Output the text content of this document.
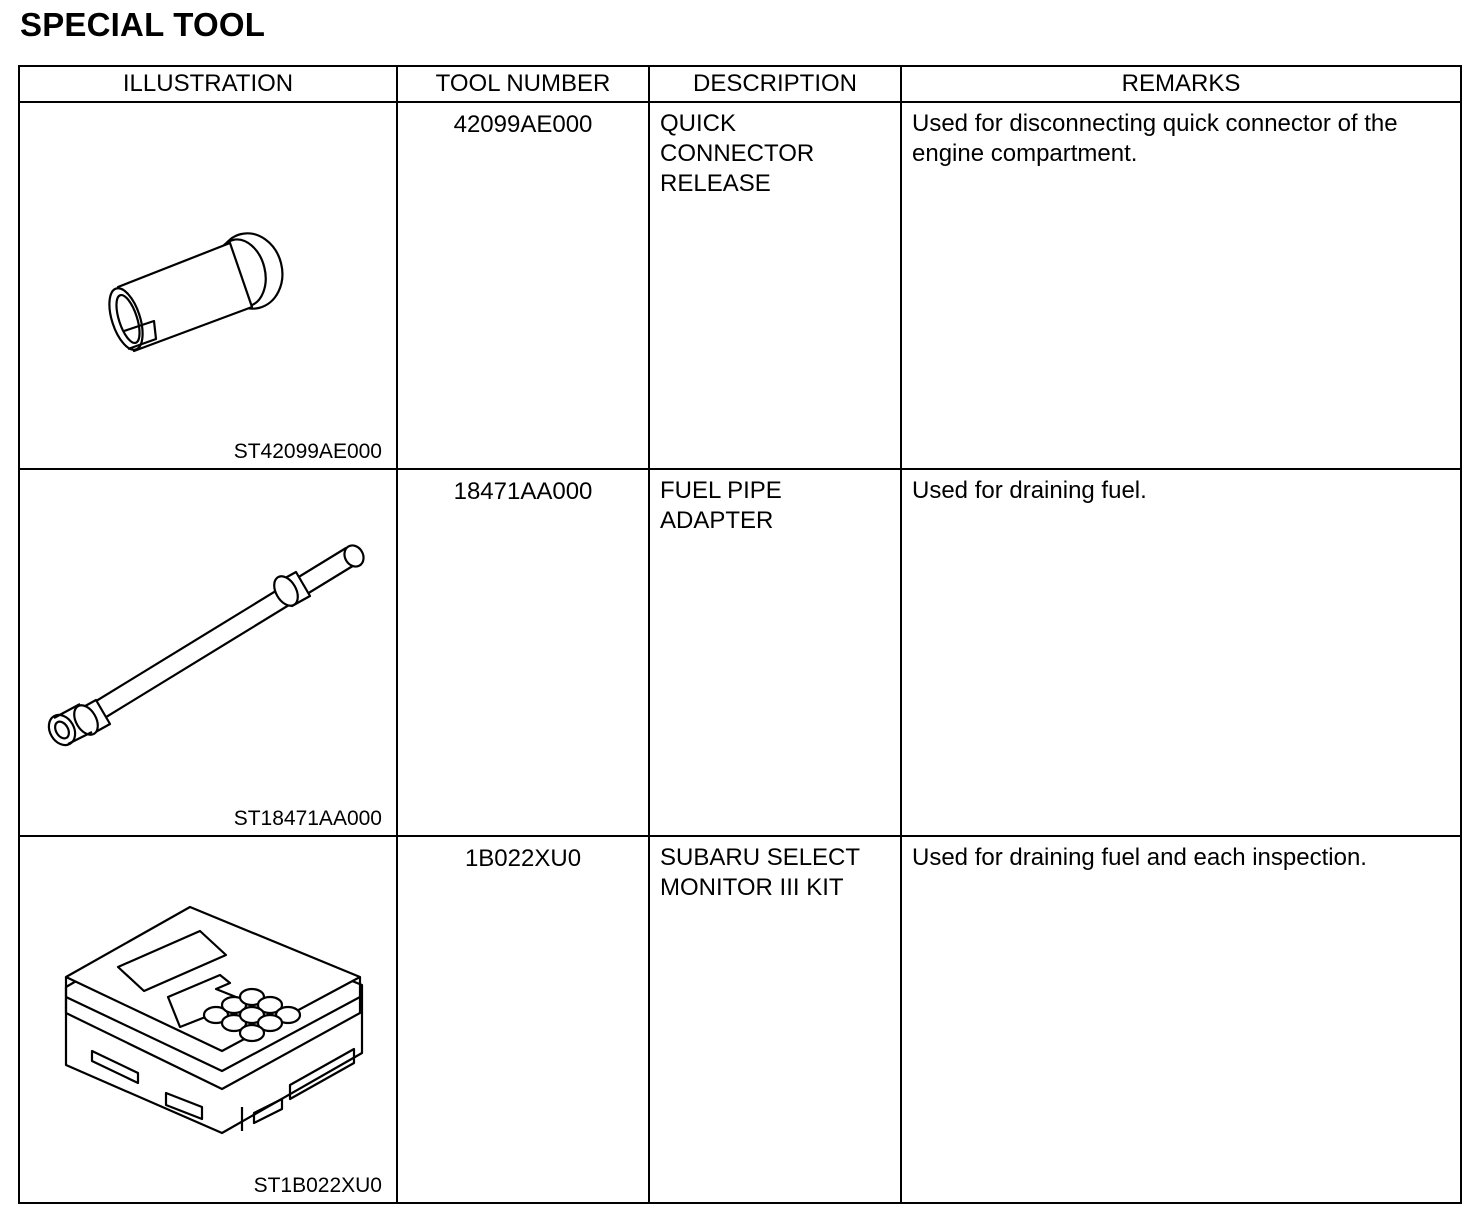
SPECIAL TOOL
ILLUSTRATION	TOOL NUMBER	DESCRIPTION	REMARKS

ST42099AE000	42099AE000	QUICK
CONNECTOR
RELEASE	Used for disconnecting quick connector of the
engine compartment.

ST18471AA000	18471AA000	FUEL PIPE
ADAPTER	Used for draining fuel.

ST1B022XU0	1B022XU0	SUBARU SELECT
MONITOR III KIT	Used for draining fuel and each inspection.
